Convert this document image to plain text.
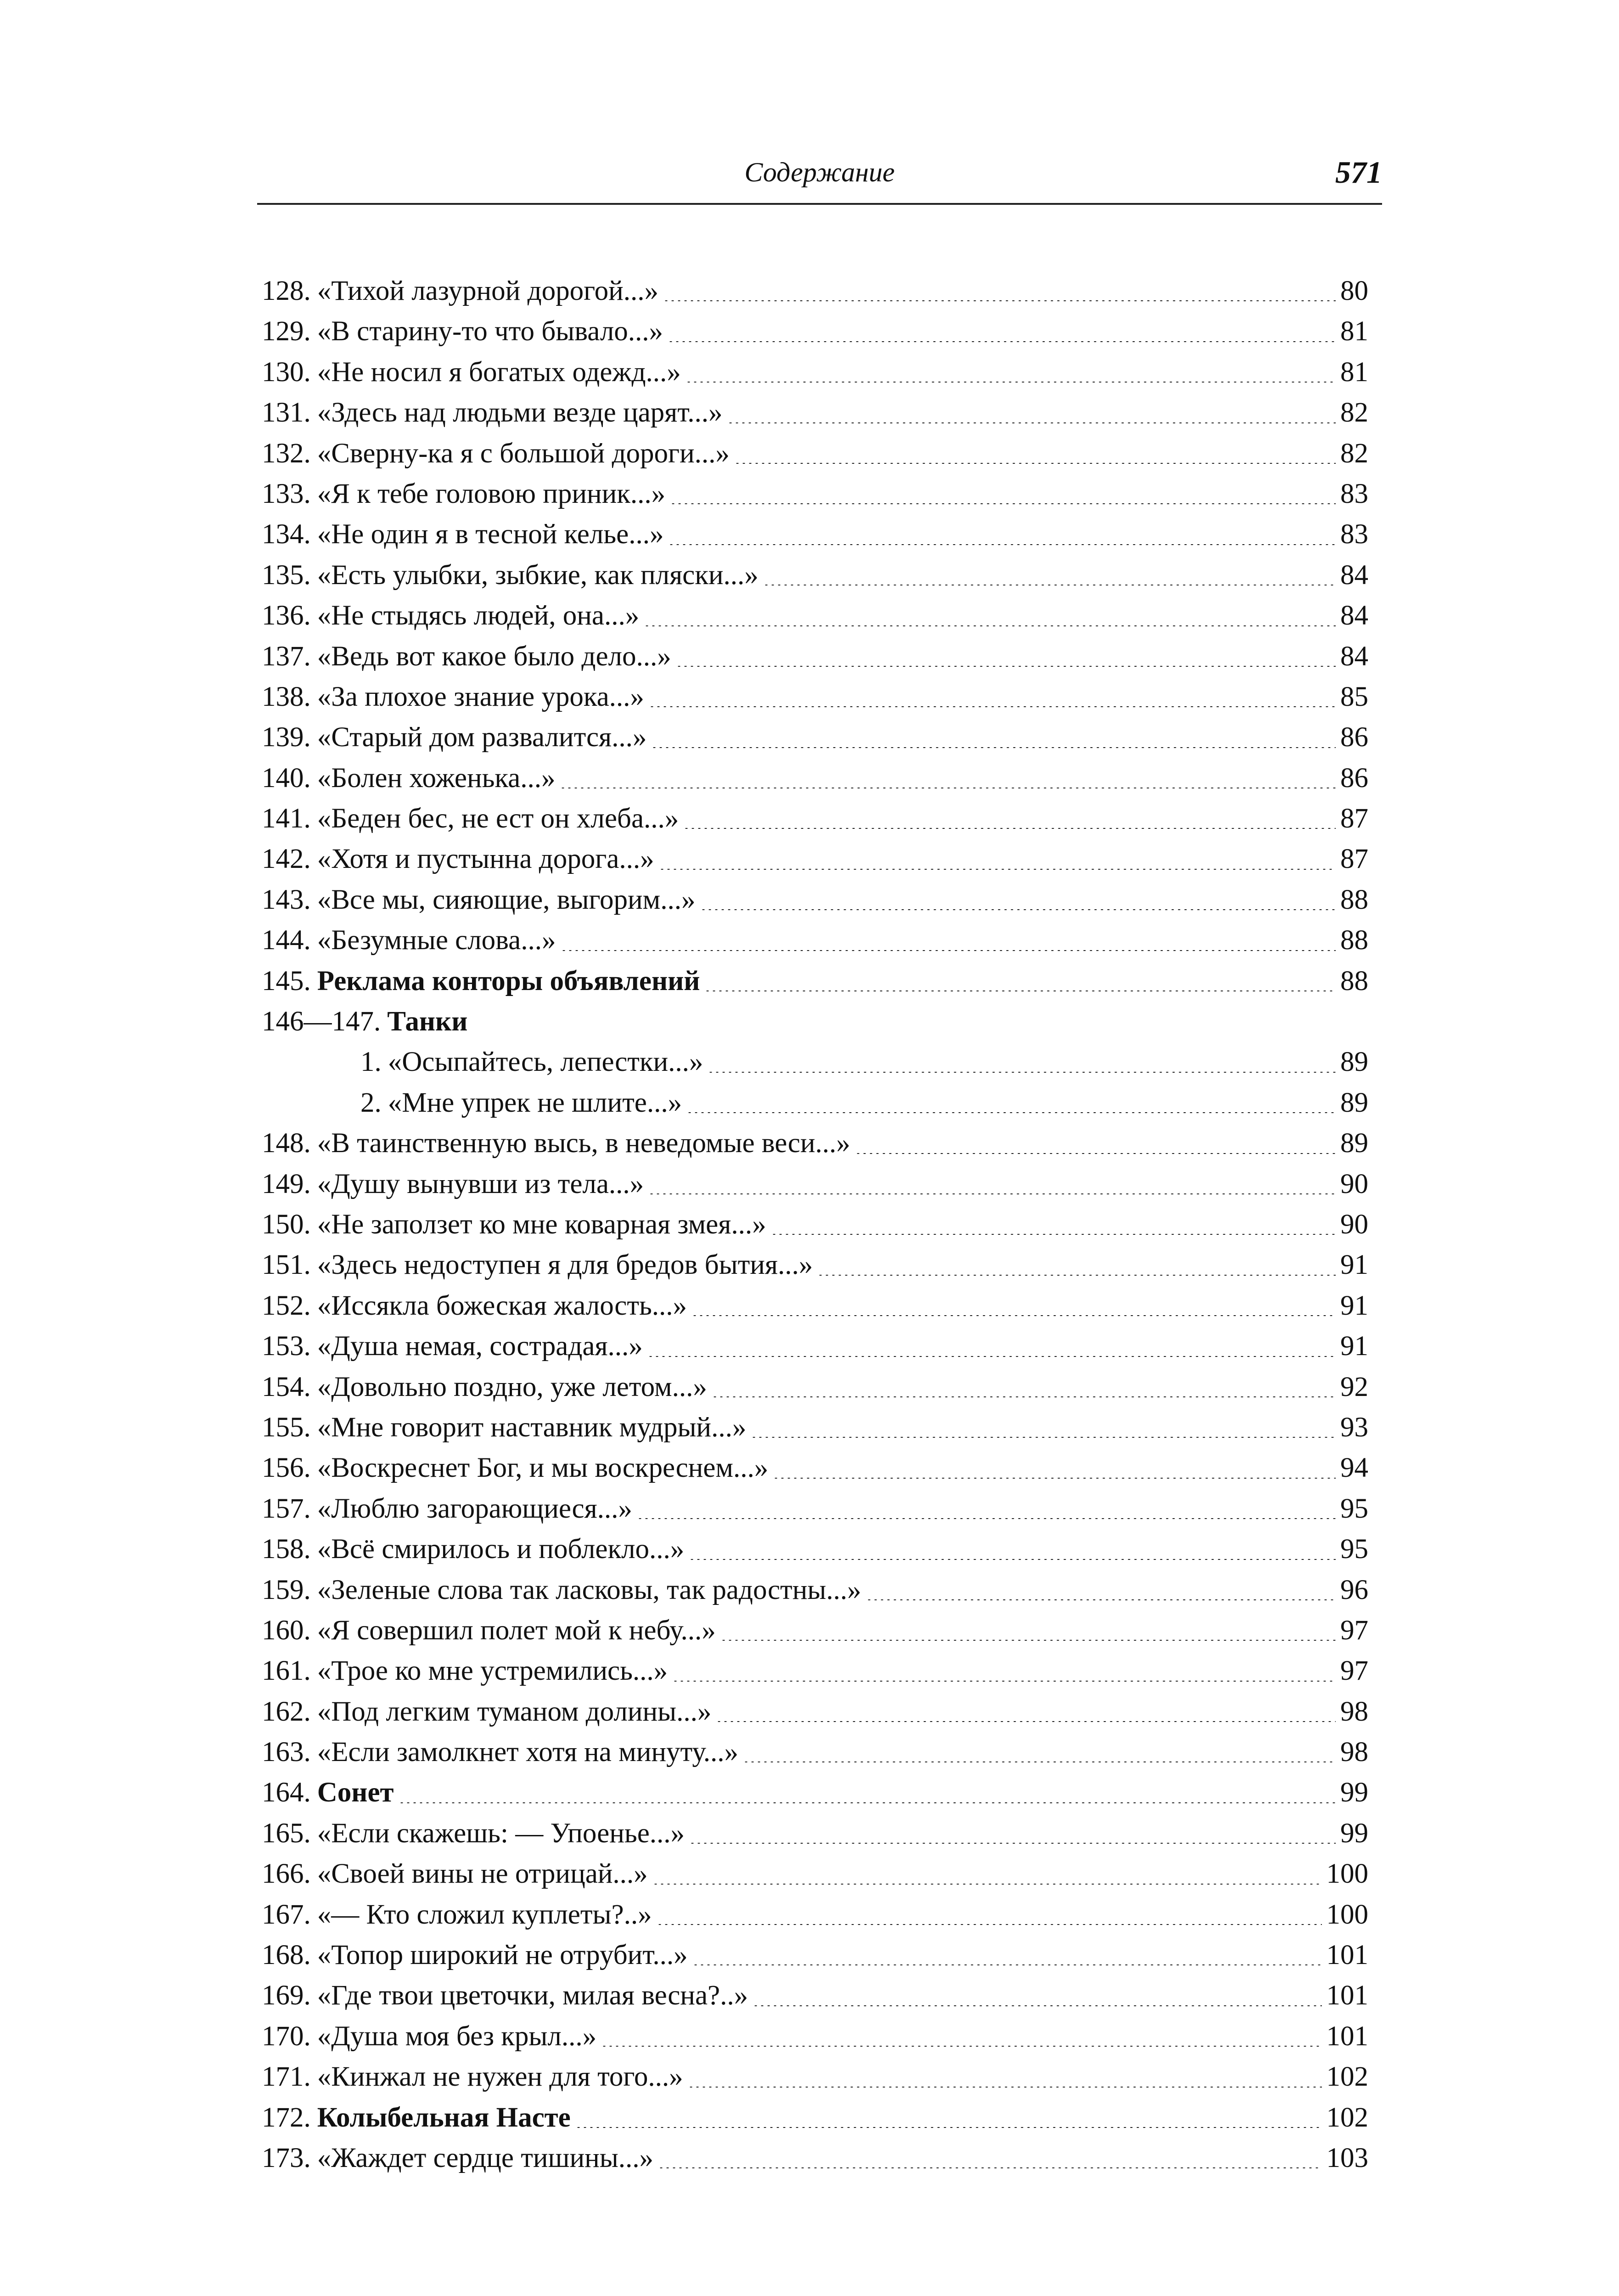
Содержание	571
128. «Тихой лазурной дорогой...»	80
129. «В старину-то что бывало...»	81
130. «Не носил я богатых одежд...»	81
131. «Здесь над людьми везде царят...»	82
132. «Сверну-ка я с большой дороги...»	82
133. «Я к тебе головою приник...»	83
134. «Не один я в тесной келье...»	83
135. «Есть улыбки, зыбкие, как пляски...»	84
136. «Не стыдясь людей, она...»	84
137. «Ведь вот какое было дело...»	84
138. «За плохое знание урока...»	85
139. «Старый дом развалится...»	86
140. «Болен хоженька...»	86
141. «Беден бес, не ест он хлеба...»	87
142. «Хотя и пустынна дорога...»	87
143. «Все мы, сияющие, выгорим...»	88
144. «Безумные слова...»	88
145. Реклама конторы объявлений	88
146—147. Танки
1. «Осыпайтесь, лепестки...»	89
2. «Мне упрек не шлите...»	89
148. «В таинственную высь, в неведомые веси...»	89
149. «Душу вынувши из тела...»	90
150. «Не заползет ко мне коварная змея...»	90
151. «Здесь недоступен я для бредов бытия...»	91
152. «Иссякла божеская жалость...»	91
153. «Душа немая, сострадая...»	91
154. «Довольно поздно, уже летом...»	92
155. «Мне говорит наставник мудрый...»	93
156. «Воскреснет Бог, и мы воскреснем...»	94
157. «Люблю загорающиеся...»	95
158. «Всё смирилось и поблекло...»	95
159. «Зеленые слова так ласковы, так радостны...»	96
160. «Я совершил полет мой к небу...»	97
161. «Трое ко мне устремились...»	97
162. «Под легким туманом долины...»	98
163. «Если замолкнет хотя на минуту...»	98
164. Сонет	99
165. «Если скажешь: — Упоенье...»	99
166. «Своей вины не отрицай...»	100
167. «— Кто сложил куплеты?..»	100
168. «Топор широкий не отрубит...»	101
169. «Где твои цветочки, милая весна?..»	101
170. «Душа моя без крыл...»	101
171. «Кинжал не нужен для того...»	102
172. Колыбельная Насте	102
173. «Жаждет сердце тишины...»	103
